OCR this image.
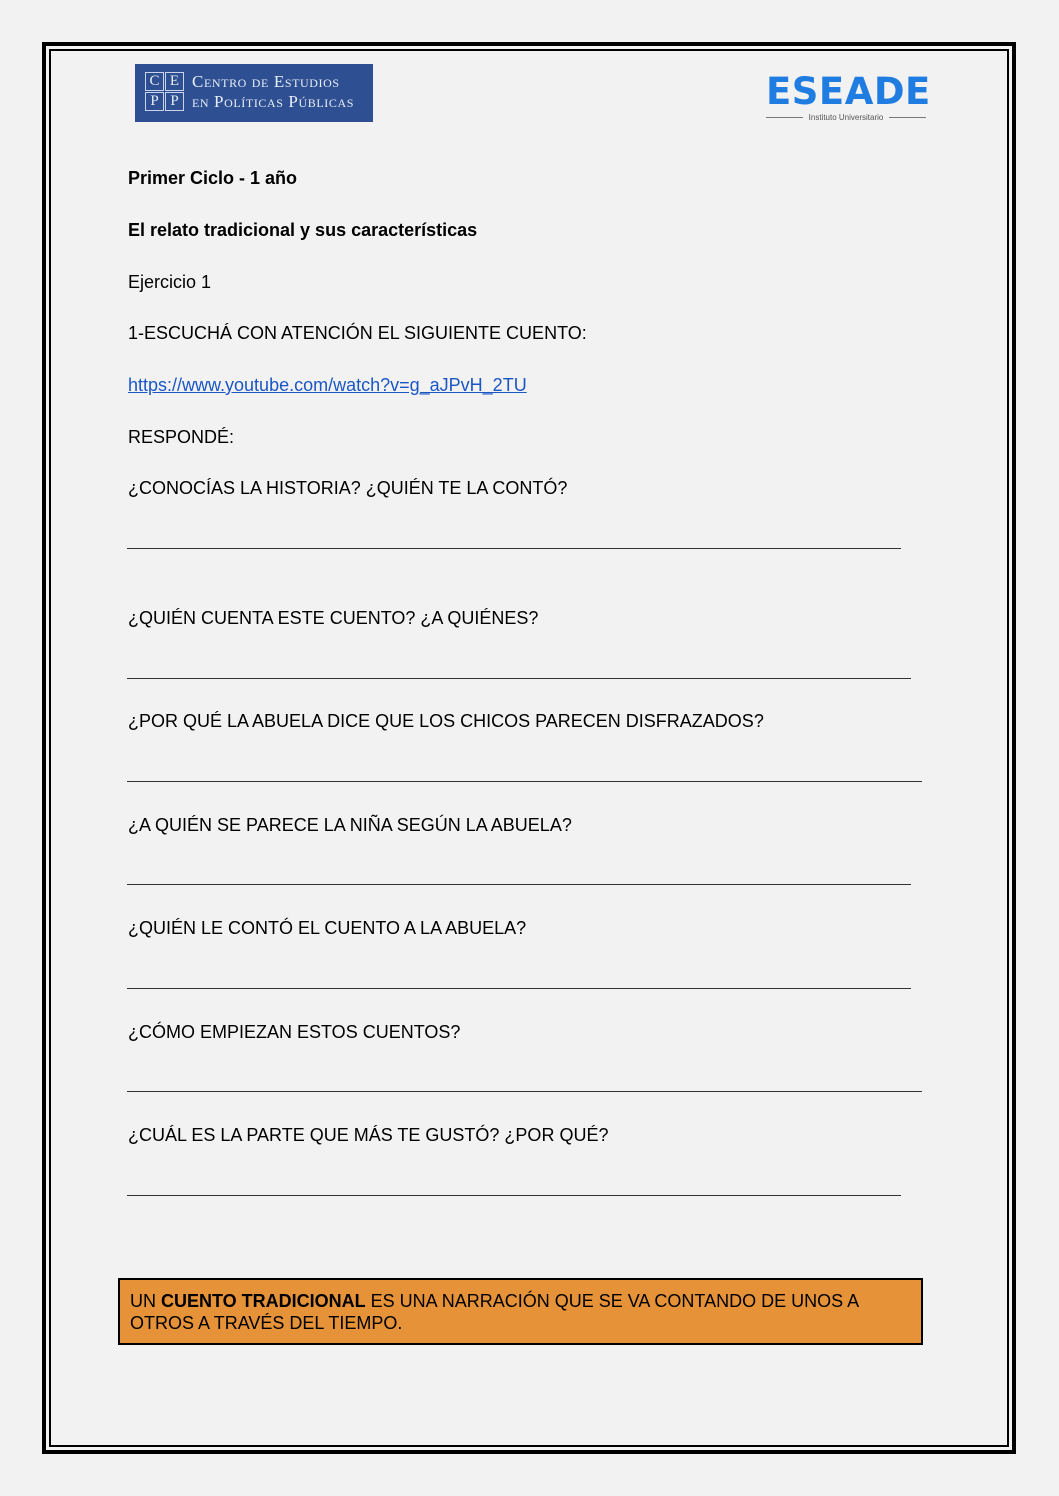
C E
P P
Centro de Estudios
en Políticas Públicas	ESEADE
Instituto Universitario
Primer Ciclo - 1 año
El relato tradicional y sus características
Ejercicio 1
1-ESCUCHÁ CON ATENCIÓN EL SIGUIENTE CUENTO:
https://www.youtube.com/watch?v=g_aJPvH_2TU
RESPONDÉ:
¿CONOCÍAS LA HISTORIA? ¿QUIÉN TE LA CONTÓ?
¿QUIÉN CUENTA ESTE CUENTO? ¿A QUIÉNES?
¿POR QUÉ LA ABUELA DICE QUE LOS CHICOS PARECEN DISFRAZADOS?
¿A QUIÉN SE PARECE LA NIÑA SEGÚN LA ABUELA?
¿QUIÉN LE CONTÓ EL CUENTO A LA ABUELA?
¿CÓMO EMPIEZAN ESTOS CUENTOS?
¿CUÁL ES LA PARTE QUE MÁS TE GUSTÓ? ¿POR QUÉ?
UN CUENTO TRADICIONAL ES UNA NARRACIÓN QUE SE VA CONTANDO DE UNOS A OTROS A TRAVÉS DEL TIEMPO.
